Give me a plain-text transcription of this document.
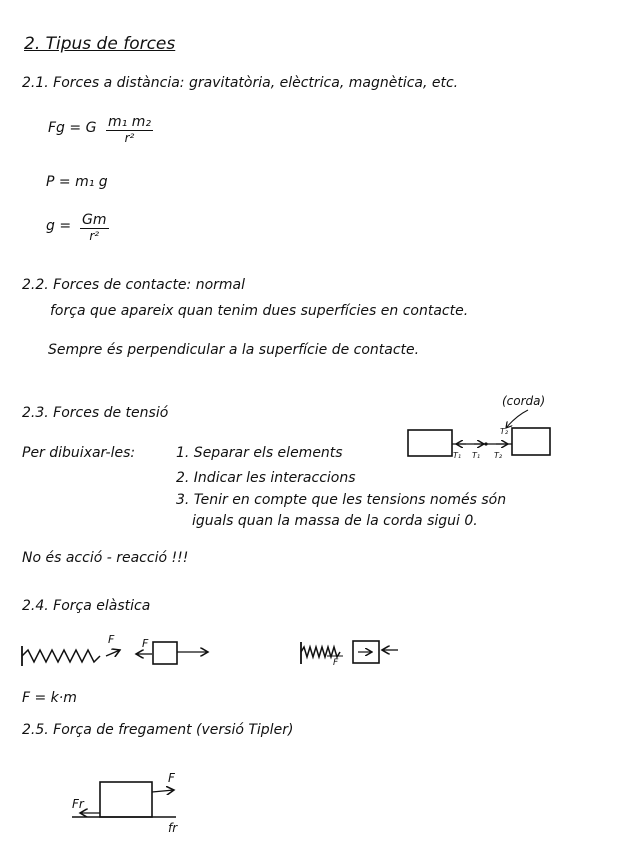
2. Tipus de forces
2.1. Forces a distància: gravitatòria, elèctrica, magnètica, etc.
Fg = G $\frac{\text{m₁ m₂}}{\text{r²}}$
P = m₁ g
$g = \frac{Gm}{\text{r²}}$
2.2. Forces de contacte: normal
força que apareix quan tenim dues superfícies en contacte.
Sempre és perpendicular a la superfície de contacte.
2.3. Forces de tensió
Per dibuixar-les:	1. Separar els elements
2. Indicar les interaccions
3. Tenir en compte que les tensions només són
iguals quan la massa de la corda sigui 0.
No és acció - reacció !!!
(corda)
T₁ T₁ T₂
T₂
2.4. Força elàstica
F	F
F
F = k·m
2.5. Força de fregament (versió Tipler)
F
Fr
fr
